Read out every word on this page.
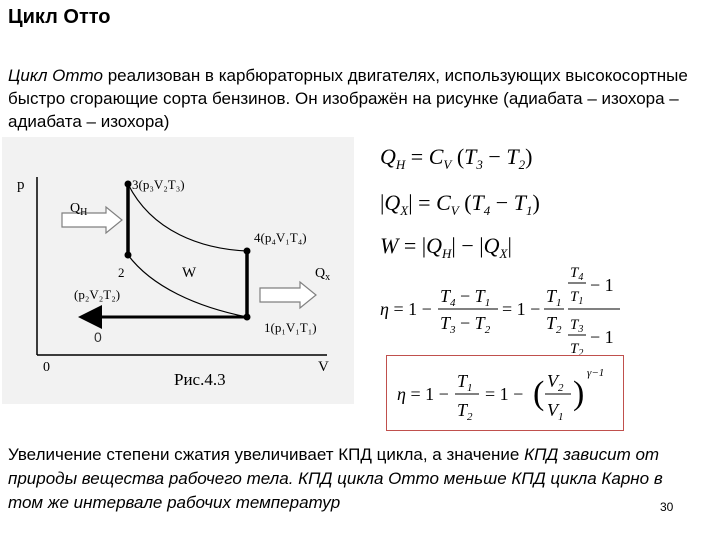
Цикл Отто
Цикл Отто реализован в карбюраторных двигателях, использующих высокосортные быстро сгорающие сорта бензинов. Он изображён на рисунке (адиабата – изохора – адиабата – изохора)
p
V
0
$Q_H$
$Q_x$
3(p₃V₂T₃)
4(p₄V₁T₄)
2
(p₂V₂T₂)
1(p₁V₁T₁)
W
0
Рис.4.3
$Q_H = C_V$ $(T_3 - T_2)$
$|Q_X| = C_V$ $(T_4 - T_1)$
$W = |Q_H| - |Q_X|$
η = 1 −
$T_4 - T_1$
$T_3 - T_2$
= 1 −
$T_1$
$T_2$
$T_4$
$T_1$
− 1
$T_3$
$T_2$
− 1
η = 1 −
$T_1$
$T_2$
= 1 − ( $V_2$
$V_1$
)
γ−1
Увеличение степени сжатия увеличивает КПД цикла, а значение КПД зависит от природы вещества рабочего тела. КПД цикла Отто меньше КПД цикла Карно в том же интервале рабочих температур	30
